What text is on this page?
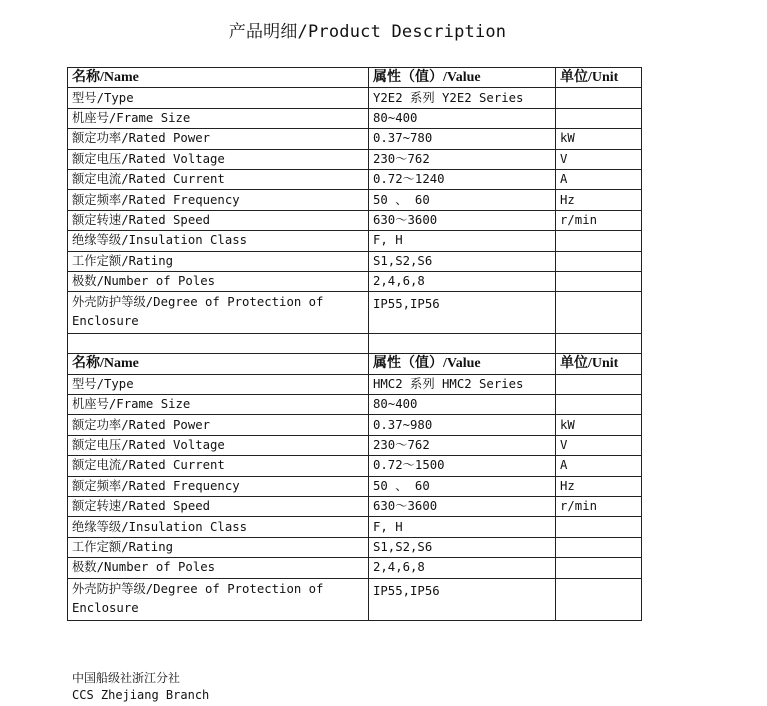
产品明细/Product Description
名称/Name	属性（值）/Value	单位/Unit
型号/Type	Y2E2 系列 Y2E2 Series	
机座号/Frame Size	80~400	
额定功率/Rated Power	0.37~780	kW
额定电压/Rated Voltage	230～762	V
额定电流/Rated Current	0.72～1240	A
额定频率/Rated Frequency	50 、 60	Hz
额定转速/Rated Speed	630～3600	r/min
绝缘等级/Insulation Class	F, H	
工作定额/Rating	S1,S2,S6	
极数/Number of Poles	2,4,6,8	
外壳防护等级/Degree of Protection of Enclosure	IP55,IP56	

名称/Name	属性（值）/Value	单位/Unit
型号/Type	HMC2 系列 HMC2 Series	
机座号/Frame Size	80~400	
额定功率/Rated Power	0.37~980	kW
额定电压/Rated Voltage	230～762	V
额定电流/Rated Current	0.72～1500	A
额定频率/Rated Frequency	50 、 60	Hz
额定转速/Rated Speed	630～3600	r/min
绝缘等级/Insulation Class	F, H	
工作定额/Rating	S1,S2,S6	
极数/Number of Poles	2,4,6,8	
外壳防护等级/Degree of Protection of Enclosure	IP55,IP56	
中国船级社浙江分社
CCS Zhejiang Branch
